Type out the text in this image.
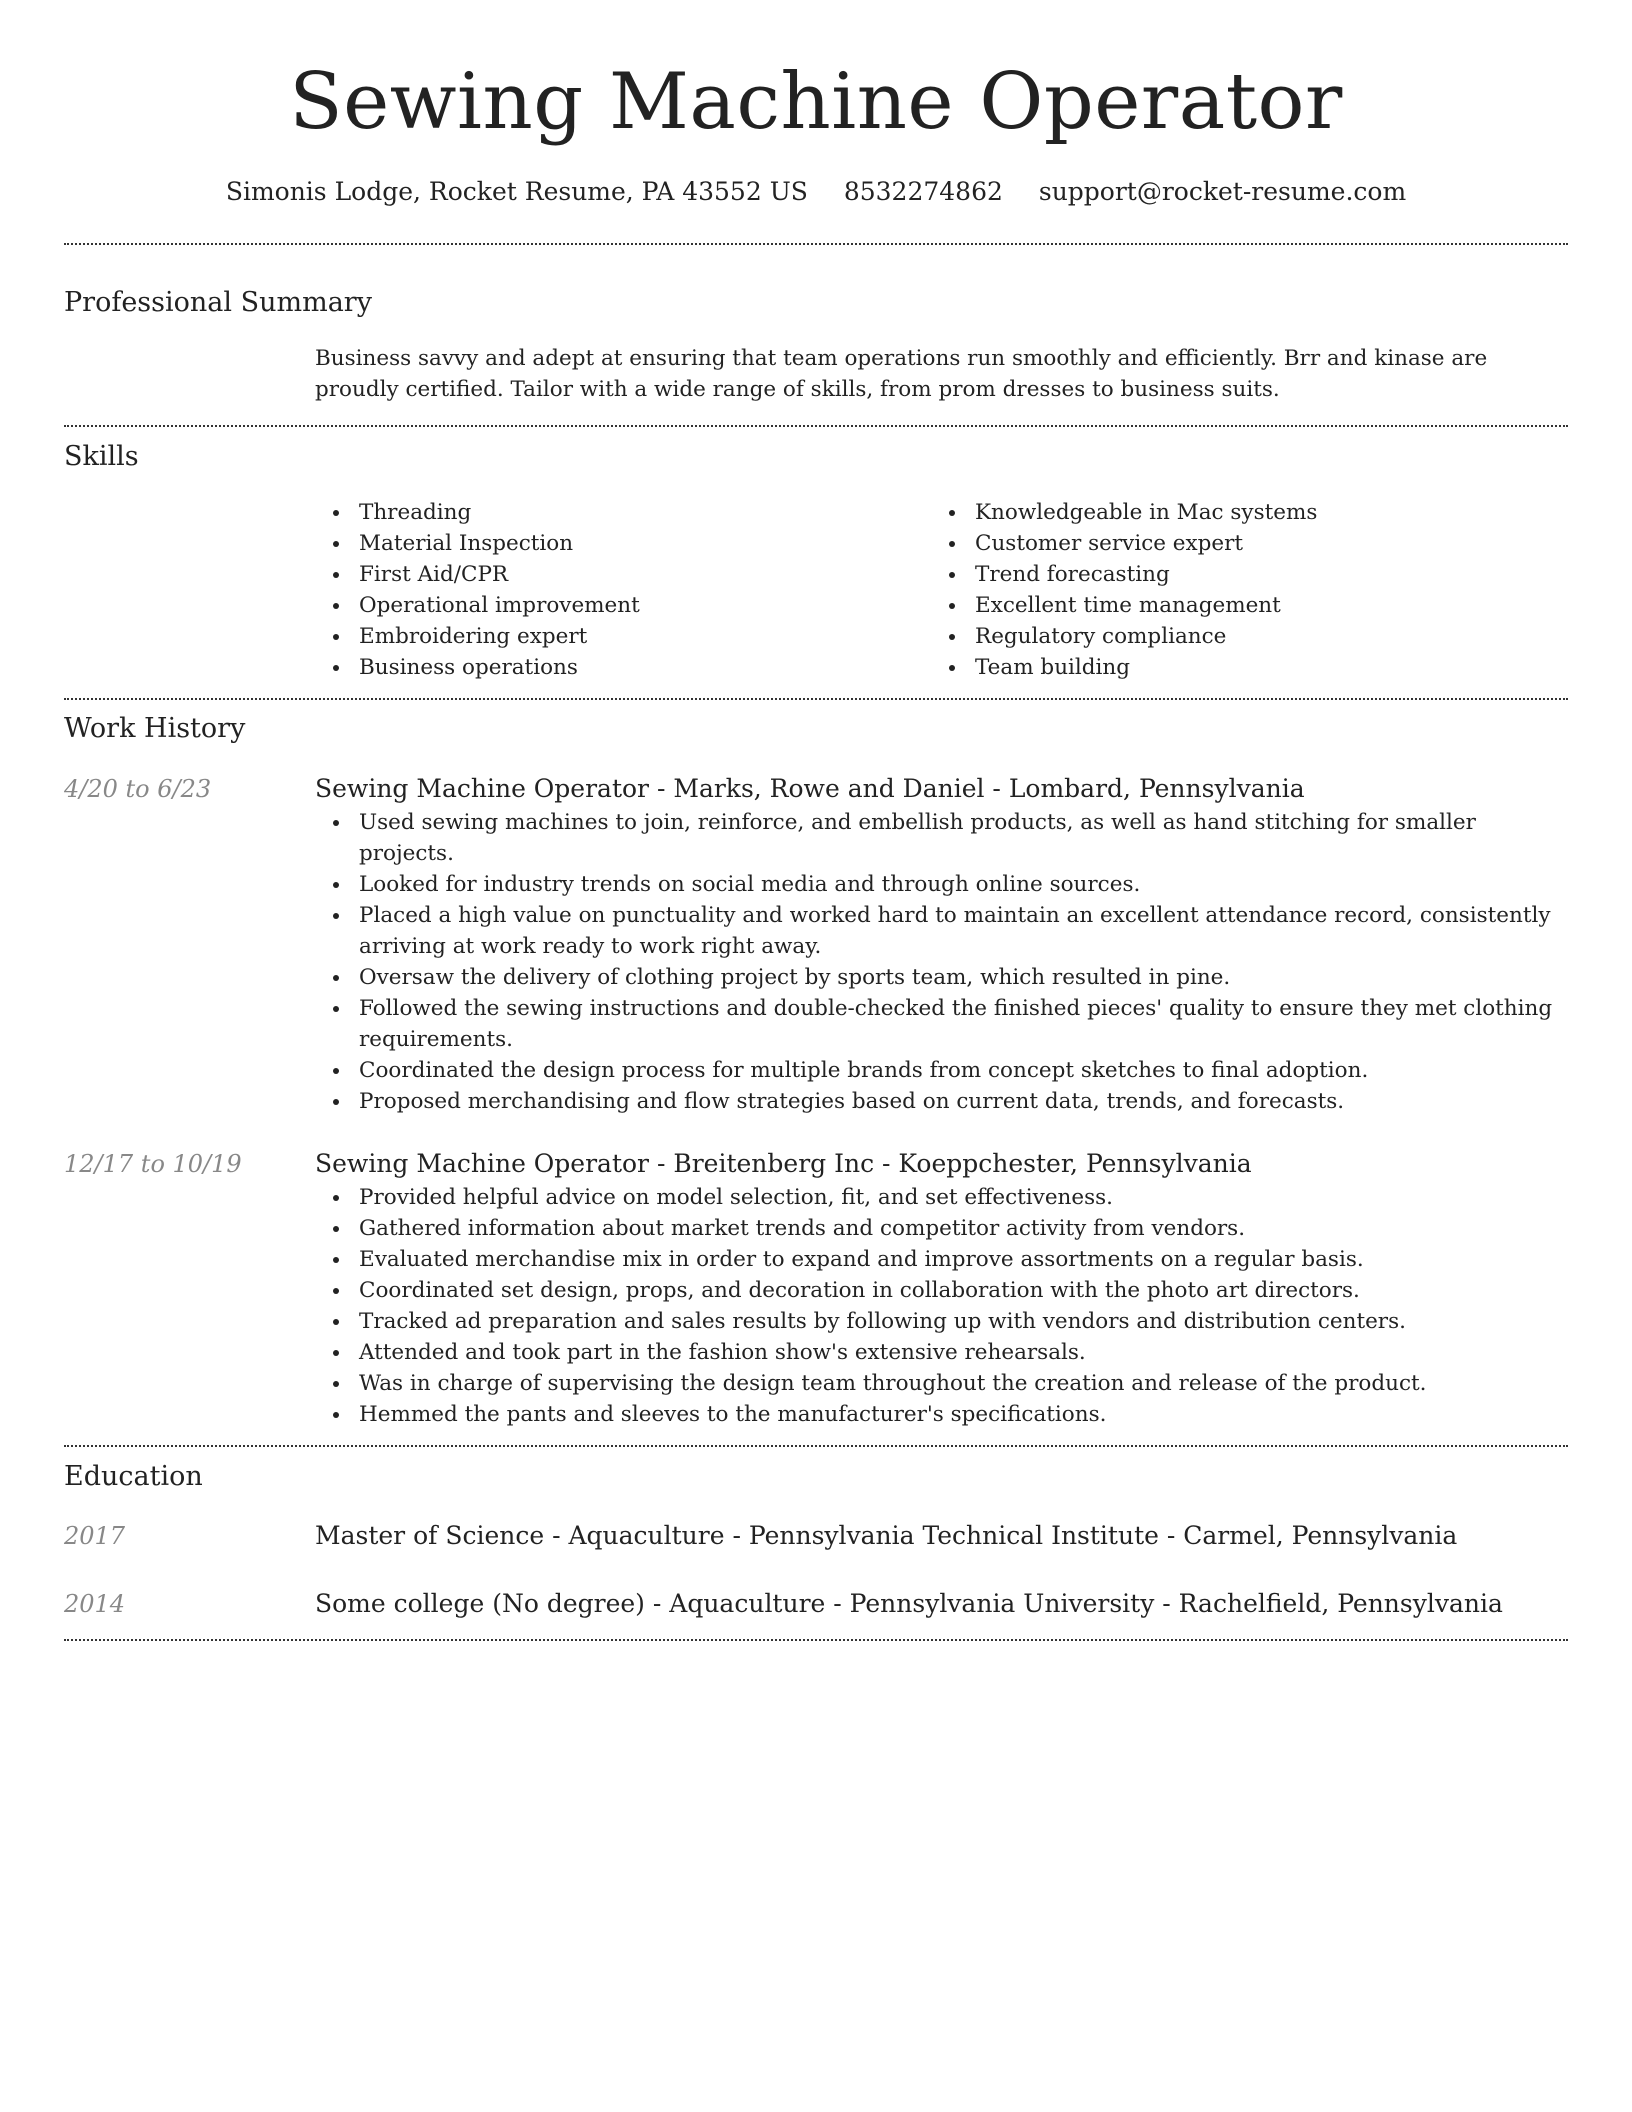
Sewing Machine Operator
Simonis Lodge, Rocket Resume, PA 43552 US 8532274862 support@rocket-resume.com
Professional Summary
Business savvy and adept at ensuring that team operations run smoothly and efficiently. Brr and kinase are proudly certified. Tailor with a wide range of skills, from prom dresses to business suits.
Skills
Threading
Material Inspection
First Aid/CPR
Operational improvement
Embroidering expert
Business operations
Knowledgeable in Mac systems
Customer service expert
Trend forecasting
Excellent time management
Regulatory compliance
Team building
Work History
4/20 to 6/23	Sewing Machine Operator - Marks, Rowe and Daniel - Lombard, Pennsylvania
Used sewing machines to join, reinforce, and embellish products, as well as hand stitching for smaller projects.
Looked for industry trends on social media and through online sources.
Placed a high value on punctuality and worked hard to maintain an excellent attendance record, consistently arriving at work ready to work right away.
Oversaw the delivery of clothing project by sports team, which resulted in pine.
Followed the sewing instructions and double-checked the finished pieces' quality to ensure they met clothing requirements.
Coordinated the design process for multiple brands from concept sketches to final adoption.
Proposed merchandising and flow strategies based on current data, trends, and forecasts.
12/17 to 10/19	Sewing Machine Operator - Breitenberg Inc - Koeppchester, Pennsylvania
Provided helpful advice on model selection, fit, and set effectiveness.
Gathered information about market trends and competitor activity from vendors.
Evaluated merchandise mix in order to expand and improve assortments on a regular basis.
Coordinated set design, props, and decoration in collaboration with the photo art directors.
Tracked ad preparation and sales results by following up with vendors and distribution centers.
Attended and took part in the fashion show's extensive rehearsals.
Was in charge of supervising the design team throughout the creation and release of the product.
Hemmed the pants and sleeves to the manufacturer's specifications.
Education
2017	Master of Science - Aquaculture - Pennsylvania Technical Institute - Carmel, Pennsylvania
2014	Some college (No degree) - Aquaculture - Pennsylvania University - Rachelfield, Pennsylvania
